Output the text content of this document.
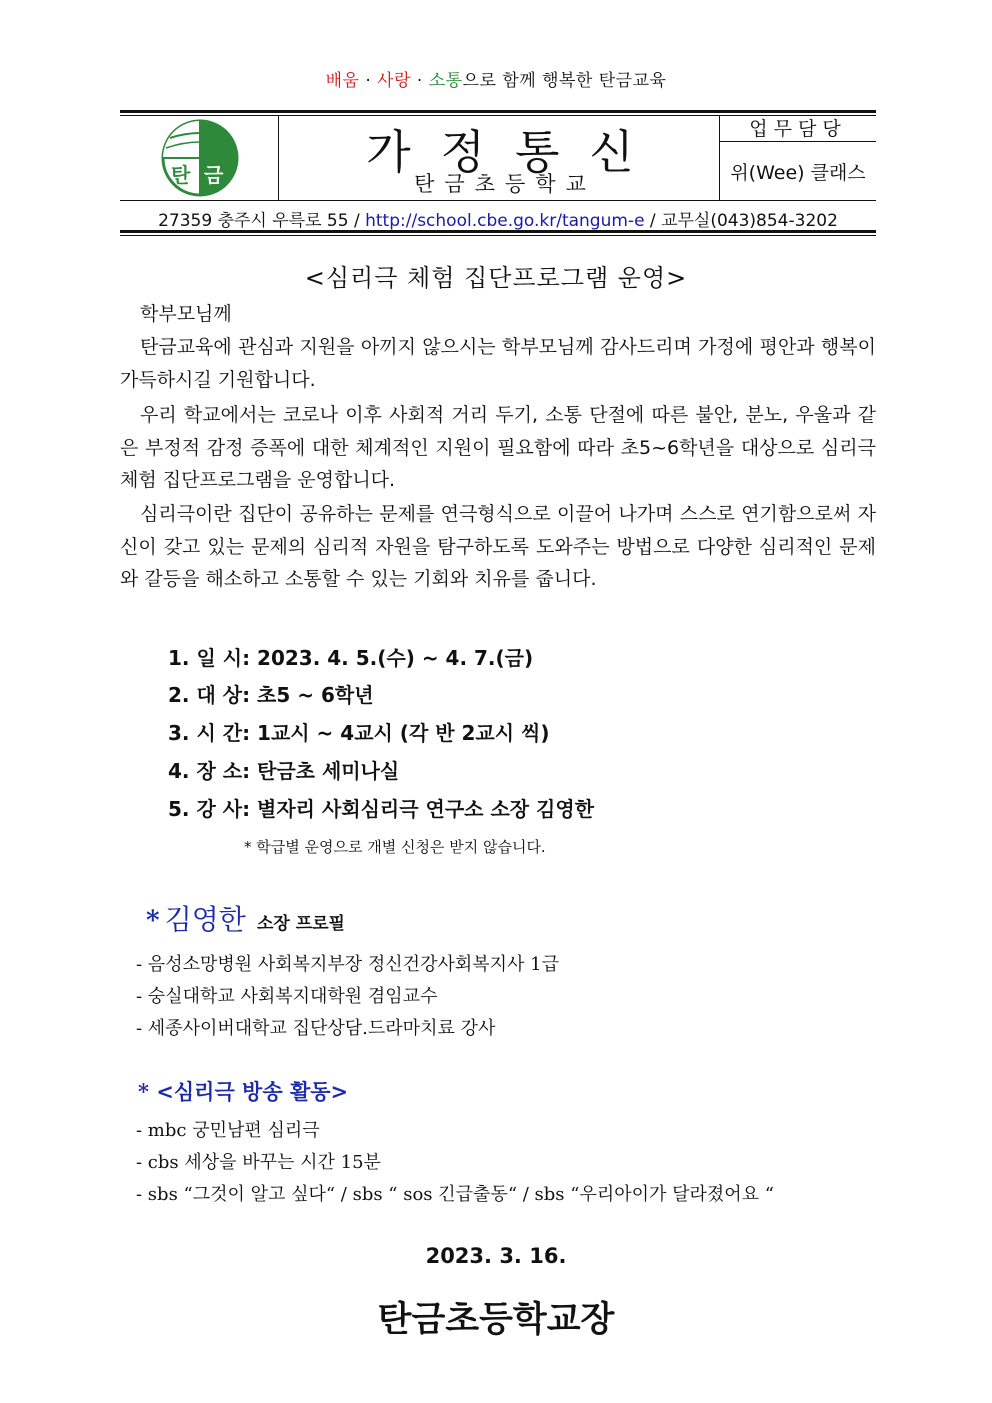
배움 · 사랑 · 소통으로 함께 행복한 탄금교육
탄 금	가정통신
탄금초등학교
업무담당
위(Wee) 클래스
27359 충주시 우륵로 55 / http://school.cbe.go.kr/tangum-e / 교무실(043)854-3202
<심리극 체험 집단프로그램 운영>
학부모님께
탄금교육에 관심과 지원을 아끼지 않으시는 학부모님께 감사드리며 가정에 평안과 행복이 가득하시길 기원합니다.
우리 학교에서는 코로나 이후 사회적 거리 두기, 소통 단절에 따른 불안, 분노, 우울과 같은 부정적 감정 증폭에 대한 체계적인 지원이 필요함에 따라 초5~6학년을 대상으로 심리극 체험 집단프로그램을 운영합니다.
심리극이란 집단이 공유하는 문제를 연극형식으로 이끌어 나가며 스스로 연기함으로써 자신이 갖고 있는 문제의 심리적 자원을 탐구하도록 도와주는 방법으로 다양한 심리적인 문제와 갈등을 해소하고 소통할 수 있는 기회와 치유를 줍니다.
1. 일 시: 2023. 4. 5.(수) ~ 4. 7.(금)
2. 대 상: 초5 ~ 6학년
3. 시 간: 1교시 ~ 4교시 (각 반 2교시 씩)
4. 장 소: 탄금초 세미나실
5. 강 사: 별자리 사회심리극 연구소 소장 김영한
* 학급별 운영으로 개별 신청은 받지 않습니다.
* 김영한 소장 프로필
- 음성소망병원 사회복지부장 정신건강사회복지사 1급
- 숭실대학교 사회복지대학원 겸임교수
- 세종사이버대학교 집단상담.드라마치료 강사
* <심리극 방송 활동>
- mbc 궁민남편 심리극
- cbs 세상을 바꾸는 시간 15분
- sbs “그것이 알고 싶다“ / sbs “ sos 긴급출동“ / sbs “우리아이가 달라졌어요 “
2023. 3. 16.
탄금초등학교장
